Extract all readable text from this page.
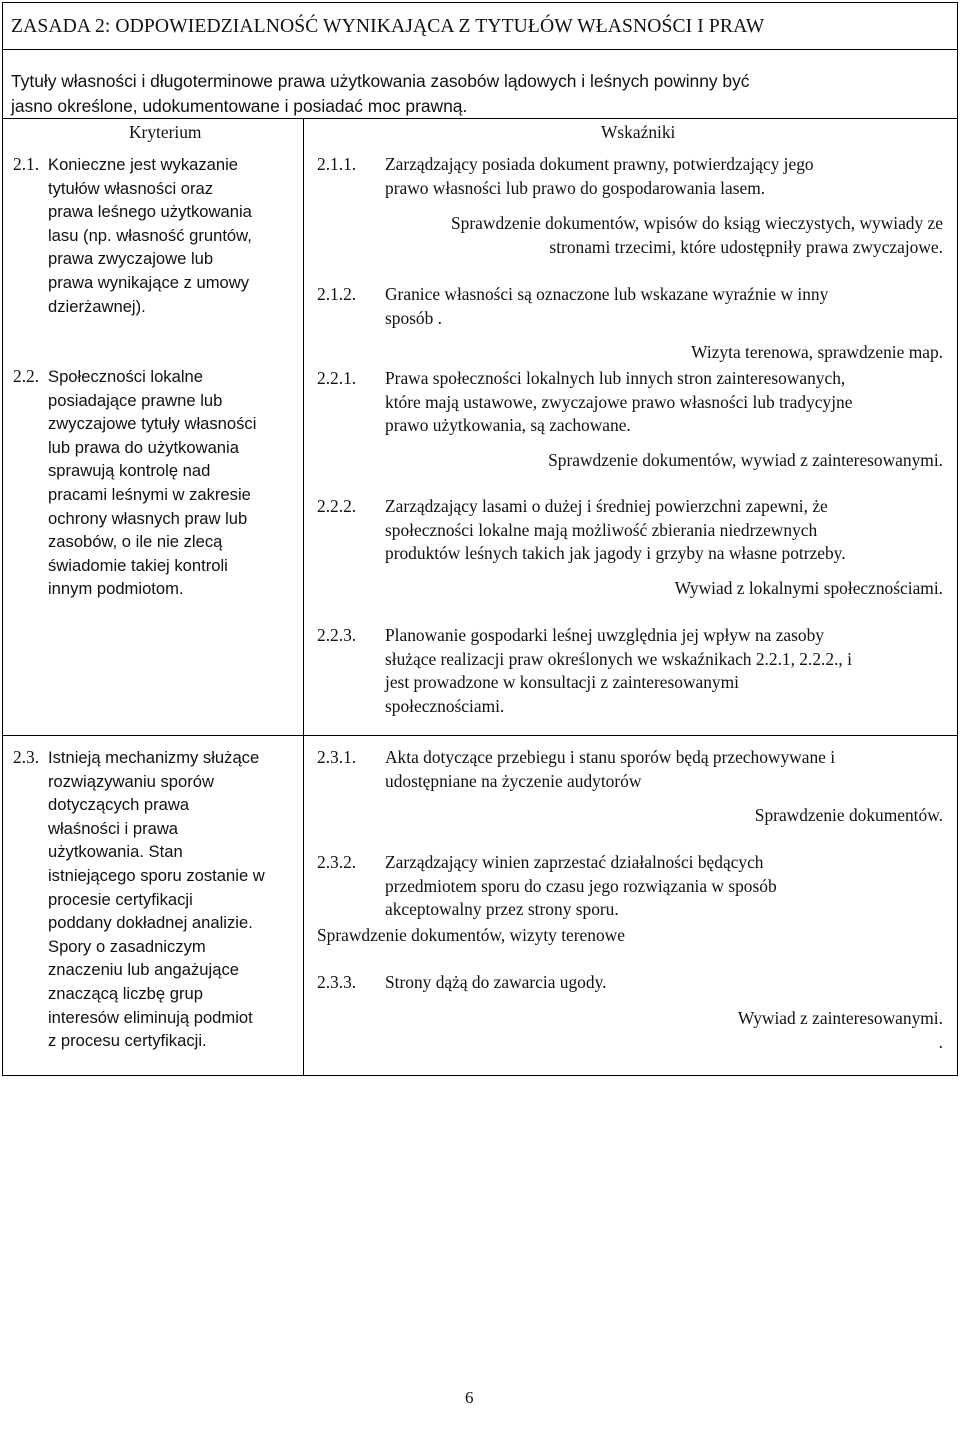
ZASADA 2: ODPOWIEDZIALNOŚĆ WYNIKAJĄCA Z TYTUŁÓW WŁASNOŚCI I PRAW
Tytuły własności i długoterminowe prawa użytkowania zasobów lądowych i leśnych powinny być
jasno określone, udokumentowane i posiadać moc prawną.
Kryterium	Wskaźniki
2.1. Konieczne jest wykazanie
tytułów własności oraz
prawa leśnego użytkowania
lasu (np. własność gruntów,
prawa zwyczajowe lub
prawa wynikające z umowy
dzierżawnej).
2.2. Społeczności lokalne
posiadające prawne lub
zwyczajowe tytuły własności
lub prawa do użytkowania
sprawują kontrolę nad
pracami leśnymi w zakresie
ochrony własnych praw lub
zasobów, o ile nie zlecą
świadomie takiej kontroli
innym podmiotom.
2.3. Istnieją mechanizmy służące
rozwiązywaniu sporów
dotyczących prawa
właśności i prawa
użytkowania. Stan
istniejącego sporu zostanie w
procesie certyfikacji
poddany dokładnej analizie.
Spory o zasadniczym
znaczeniu lub angażujące
znaczącą liczbę grup
interesów eliminują podmiot
z procesu certyfikacji.
2.1.1. Zarządzający posiada dokument prawny, potwierdzający jego
prawo własności lub prawo do gospodarowania lasem.
Sprawdzenie dokumentów, wpisów do ksiąg wieczystych, wywiady ze
stronami trzecimi, które udostępniły prawa zwyczajowe.
2.1.2. Granice własności są oznaczone lub wskazane wyraźnie w inny
sposób .
Wizyta terenowa, sprawdzenie map.
2.2.1. Prawa społeczności lokalnych lub innych stron zainteresowanych,
które mają ustawowe, zwyczajowe prawo własności lub tradycyjne
prawo użytkowania, są zachowane.
Sprawdzenie dokumentów, wywiad z zainteresowanymi.
2.2.2. Zarządzający lasami o dużej i średniej powierzchni zapewni, że
społeczności lokalne mają możliwość zbierania niedrzewnych
produktów leśnych takich jak jagody i grzyby na własne potrzeby.
Wywiad z lokalnymi społecznościami.
2.2.3. Planowanie gospodarki leśnej uwzględnia jej wpływ na zasoby
służące realizacji praw określonych we wskaźnikach 2.2.1, 2.2.2., i
jest prowadzone w konsultacji z zainteresowanymi
społecznościami.
2.3.1. Akta dotyczące przebiegu i stanu sporów będą przechowywane i
udostępniane na życzenie audytorów
Sprawdzenie dokumentów.
2.3.2. Zarządzający winien zaprzestać działalności będących
przedmiotem sporu do czasu jego rozwiązania w sposób
akceptowalny przez strony sporu.
Sprawdzenie dokumentów, wizyty terenowe
2.3.3. Strony dążą do zawarcia ugody.
Wywiad z zainteresowanymi.
.
6
